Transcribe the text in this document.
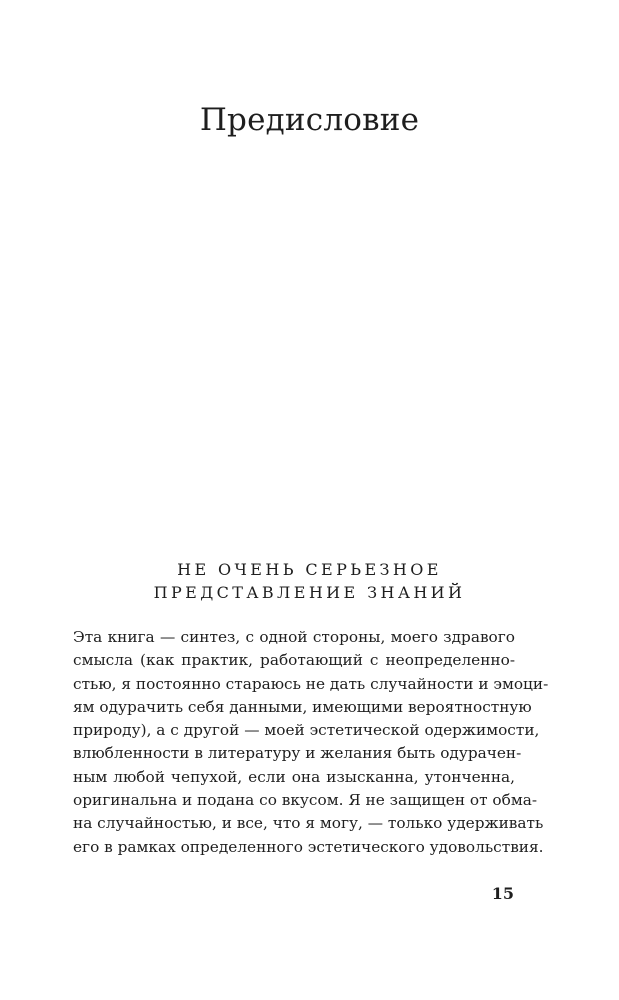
Предисловие
НЕ ОЧЕНЬ СЕРЬЕЗНОЕ
ПРЕДСТАВЛЕНИЕ ЗНАНИЙ
Эта книга — синтез, с одной стороны, моего здравого
смысла (как практик, работающий с неопределенно-
стью, я постоянно стараюсь не дать случайности и эмоци-
ям одурачить себя данными, имеющими вероятностную
природу), а с другой — моей эстетической одержимости,
влюбленности в литературу и желания быть одурачен-
ным любой чепухой, если она изысканна, утонченна,
оригинальна и подана со вкусом. Я не защищен от обма-
на случайностью, и все, что я могу, — только удерживать
его в рамках определенного эстетического удовольствия.
15
